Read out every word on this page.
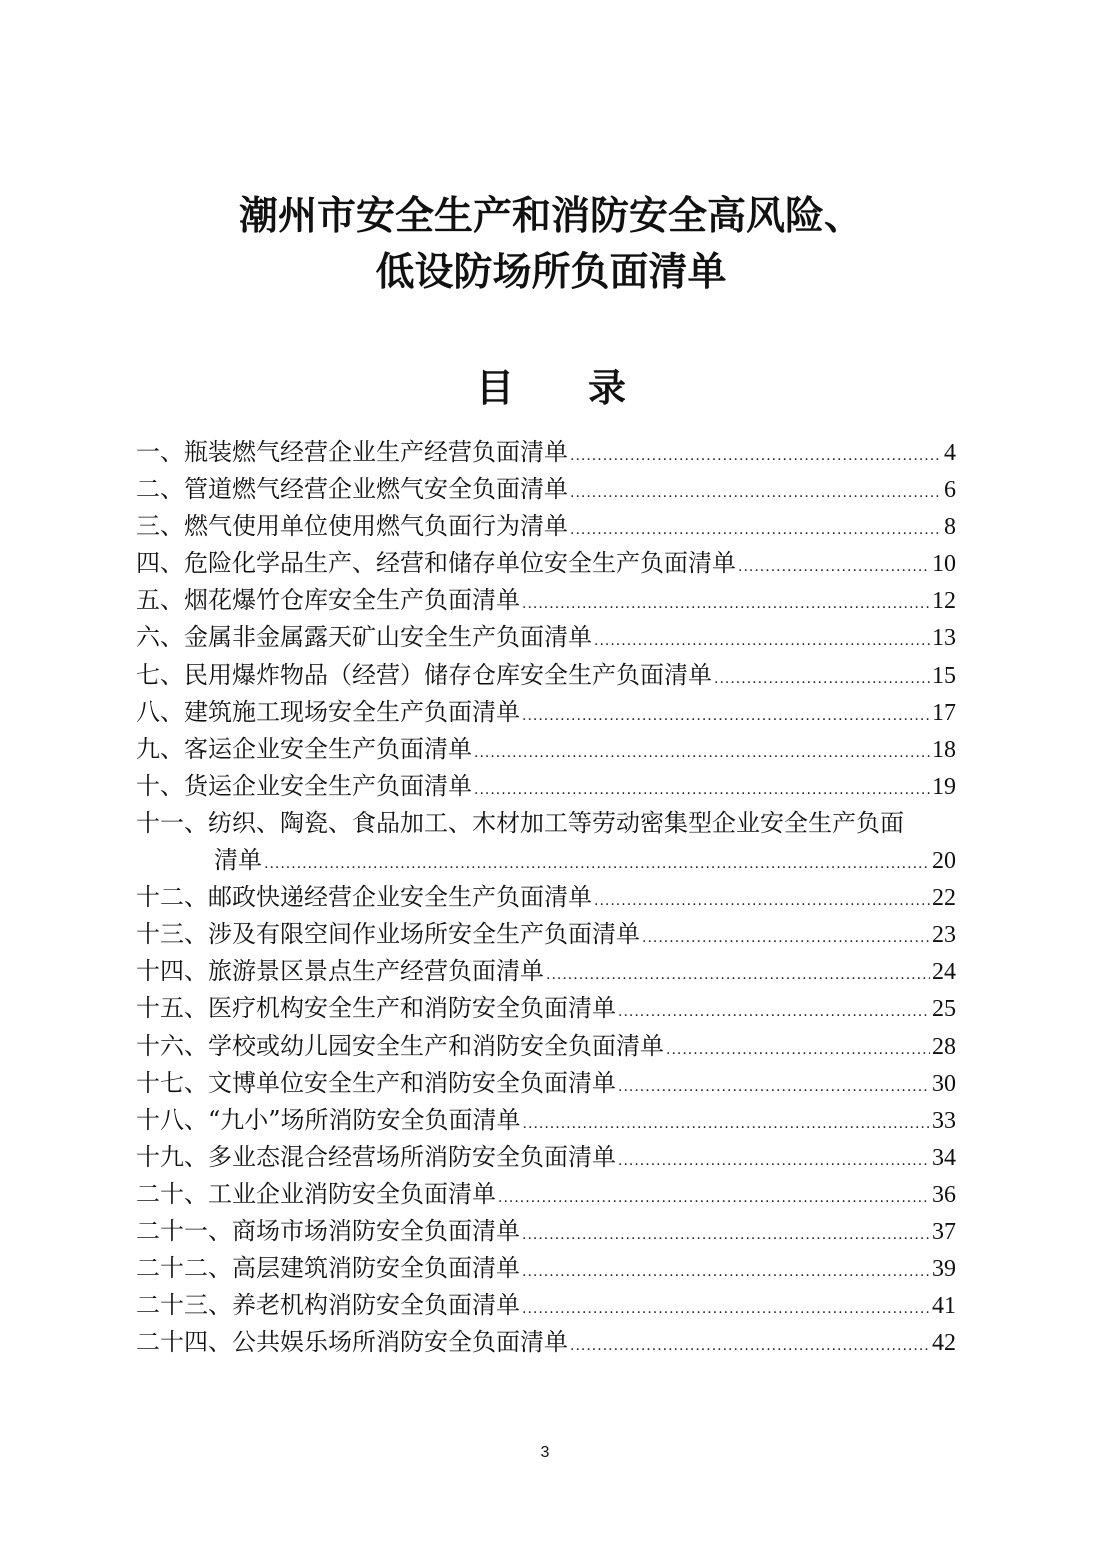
潮州市安全生产和消防安全高风险、
低设防场所负面清单
目 录
一、瓶装燃气经营企业生产经营负面清单 .....	4
二、管道燃气经营企业燃气安全负面清单 .....	6
三、燃气使用单位使用燃气负面行为清单 .....	8
四、危险化学品生产、经营和储存单位安全生产负面清单 .....	10
五、烟花爆竹仓库安全生产负面清单 .....	12
六、金属非金属露天矿山安全生产负面清单 .....	13
七、民用爆炸物品（经营）储存仓库安全生产负面清单 .....	15
八、建筑施工现场安全生产负面清单 .....	17
九、客运企业安全生产负面清单 .....	18
十、货运企业安全生产负面清单 .....	19
十一、纺织、陶瓷、食品加工、木材加工等劳动密集型企业安全生产负面
清单 .....	20
十二、邮政快递经营企业安全生产负面清单 .....	22
十三、涉及有限空间作业场所安全生产负面清单 .....	23
十四、旅游景区景点生产经营负面清单 .....	24
十五、医疗机构安全生产和消防安全负面清单 .....	25
十六、学校或幼儿园安全生产和消防安全负面清单 .....	28
十七、文博单位安全生产和消防安全负面清单 .....	30
十八、“九小”场所消防安全负面清单 .....	33
十九、多业态混合经营场所消防安全负面清单 .....	34
二十、工业企业消防安全负面清单 .....	36
二十一、商场市场消防安全负面清单 .....	37
二十二、高层建筑消防安全负面清单 .....	39
二十三、养老机构消防安全负面清单 .....	41
二十四、公共娱乐场所消防安全负面清单 .....	42
3
